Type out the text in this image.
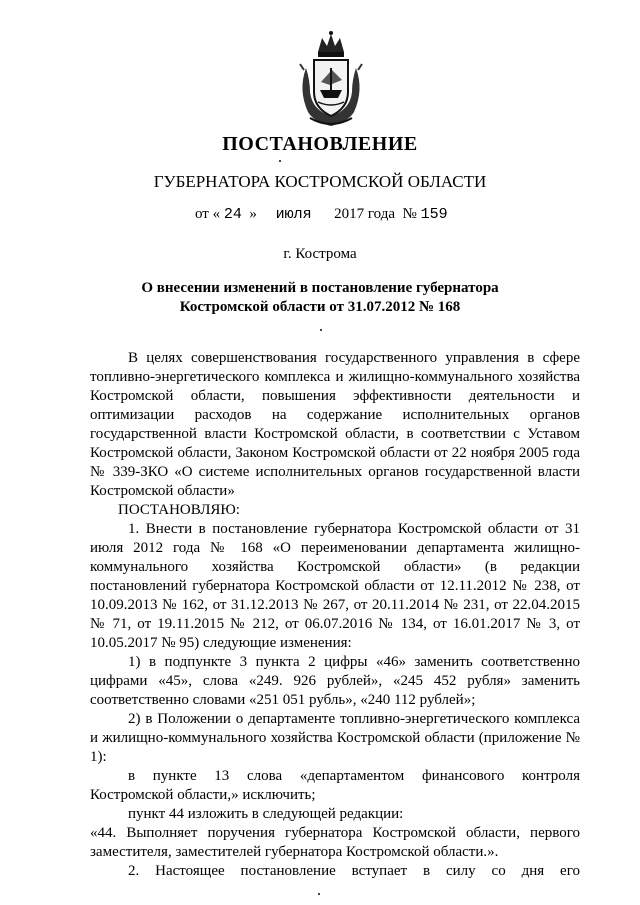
ПОСТАНОВЛЕНИЕ
ГУБЕРНАТОРА КОСТРОМСКОЙ ОБЛАСТИ
от « 24 » июля 2017 года № 159
г. Кострома
О внесении изменений в постановление губернатора
Костромской области от 31.07.2012 № 168

В целях совершенствования государственного управления в сфере топливно-энергетического комплекса и жилищно-коммунального хозяйства Костромской области, повышения эффективности деятельности и оптимизации расходов на содержание исполнительных органов государственной власти Костромской области, в соответствии с Уставом Костромской области, Законом Костромской области от 22 ноября 2005 года № 339-ЗКО «О системе исполнительных органов государственной власти Костромской области»

ПОСТАНОВЛЯЮ:

1. Внести в постановление губернатора Костромской области от 31 июля 2012 года № 168 «О переименовании департамента жилищно-коммунального хозяйства Костромской области» (в редакции постановлений губернатора Костромской области от 12.11.2012 № 238, от 10.09.2013 № 162, от 31.12.2013 № 267, от 20.11.2014 № 231, от 22.04.2015 № 71, от 19.11.2015 № 212, от 06.07.2016 № 134, от 16.01.2017 № 3, от 10.05.2017 № 95) следующие изменения:

1) в подпункте 3 пункта 2 цифры «46» заменить соответственно цифрами «45», слова «249. 926 рублей», «245 452 рубля» заменить соответственно словами «251 051 рубль», «240 112 рублей»;

2) в Положении о департаменте топливно-энергетического комплекса и жилищно-коммунального хозяйства Костромской области (приложение № 1):

в пункте 13 слова «департаментом финансового контроля Костромской области,» исключить;

пункт 44 изложить в следующей редакции:

«44. Выполняет поручения губернатора Костромской области, первого заместителя, заместителей губернатора Костромской области.».

2. Настоящее постановление вступает в силу со дня его
